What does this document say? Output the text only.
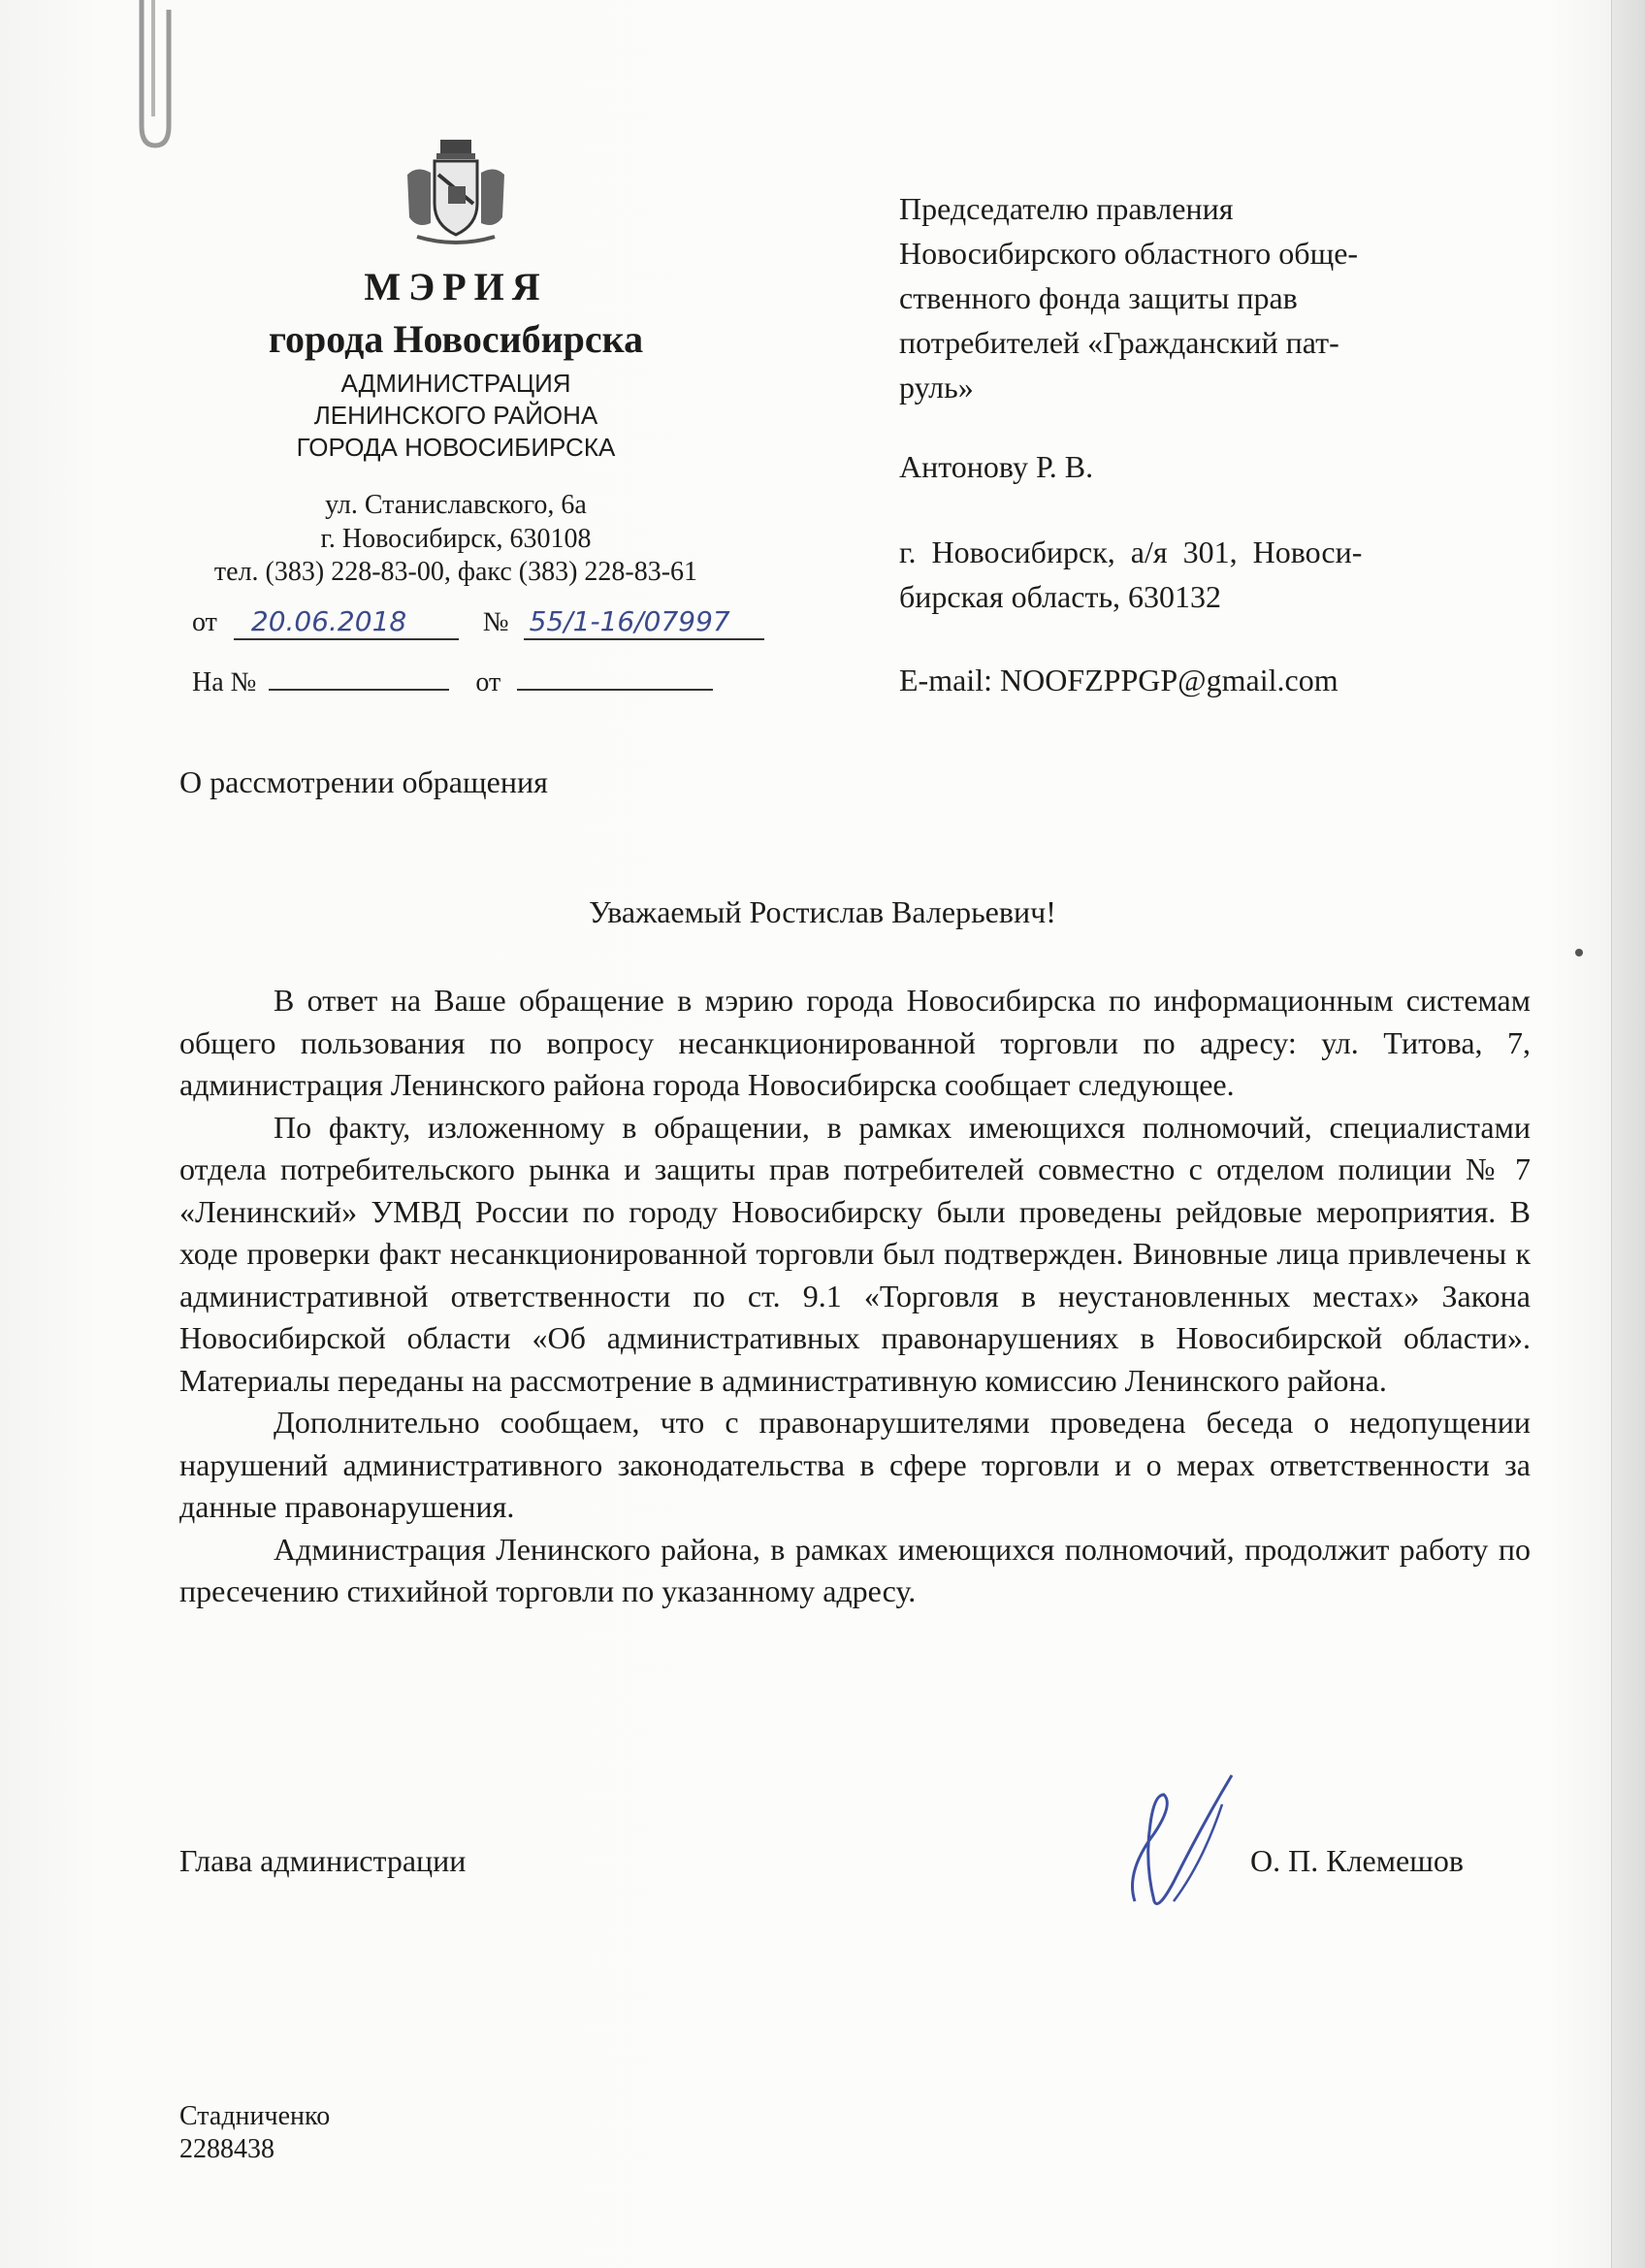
МЭРИЯ
города Новосибирска
АДМИНИСТРАЦИЯ
ЛЕНИНСКОГО РАЙОНА
ГОРОДА НОВОСИБИРСКА
ул. Станиславского, 6а
г. Новосибирск, 630108
тел. (383) 228-83-00, факс (383) 228-83-61
от 20.06.2018	№ 55/1-16/07997
На №	от
Председателю правления
Новосибирского областного обще-
ственного фонда защиты прав
потребителей «Гражданский пат-
руль»
Антонову Р. В.
г.  Новосибирск,  а/я  301,  Новоси-
бирская область, 630132
E-mail: NOOFZPPGP@gmail.com
О рассмотрении обращения
Уважаемый Ростислав Валерьевич!

В ответ на Ваше обращение в мэрию города Новосибирска по информационным системам общего пользования по вопросу несанкционированной торговли по адресу: ул. Титова, 7, администрация Ленинского района города Новосибирска сообщает следующее.

По факту, изложенному в обращении, в рамках имеющихся полномочий, специалистами отдела потребительского рынка и защиты прав потребителей совместно с отделом полиции № 7 «Ленинский» УМВД России по городу Новосибирску были проведены рейдовые мероприятия. В ходе проверки факт несанкционированной торговли был подтвержден. Виновные лица привлечены к административной ответственности по ст. 9.1 «Торговля в неустановленных местах» Закона Новосибирской области «Об административных правонарушениях в Новосибирской области». Материалы переданы на рассмотрение в административную комиссию Ленинского района.

Дополнительно сообщаем, что с правонарушителями проведена беседа о недопущении нарушений административного законодательства в сфере торговли и о мерах ответственности за данные правонарушения.

Администрация Ленинского района, в рамках имеющихся полномочий, продолжит работу по пресечению стихийной торговли по указанному адресу.

Глава администрации	О. П. Клемешов
Стадниченко
2288438
